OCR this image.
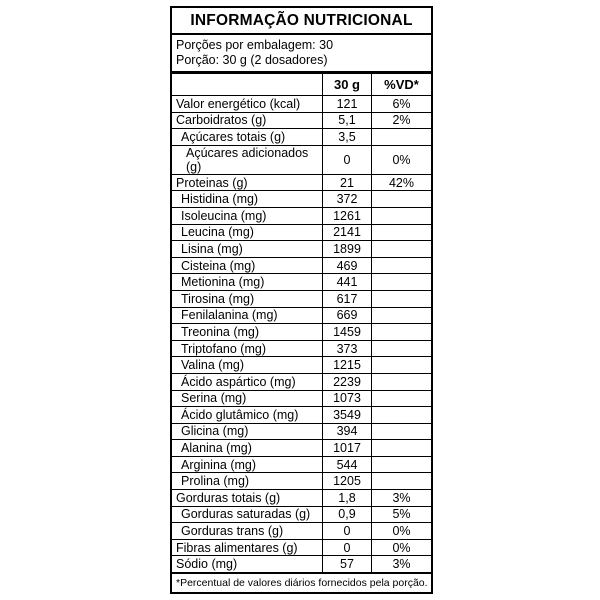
INFORMAÇÃO NUTRICIONAL
Porções por embalagem: 30
Porção: 30 g (2 dosadores)
30 g	%VD*
Valor energético (kcal)	121	6%
Carboidratos (g)	5,1	2%
Açúcares totais (g)	3,5
Açúcares adicionados (g)	0	0%
Proteinas (g)	21	42%
Histidina (mg)	372
Isoleucina (mg)	1261
Leucina (mg)	2141
Lisina (mg)	1899
Cisteina (mg)	469
Metionina (mg)	441
Tirosina (mg)	617
Fenilalanina (mg)	669
Treonina (mg)	1459
Triptofano (mg)	373
Valina (mg)	1215
Ácido aspártico (mg)	2239
Serina (mg)	1073
Ácido glutâmico (mg)	3549
Glicina (mg)	394
Alanina (mg)	1017
Arginina (mg)	544
Prolina (mg)	1205
Gorduras totais (g)	1,8	3%
Gorduras saturadas (g)	0,9	5%
Gorduras trans (g)	0	0%
Fibras alimentares (g)	0	0%
Sódio (mg)	57	3%
*Percentual de valores diários fornecidos pela porção.
